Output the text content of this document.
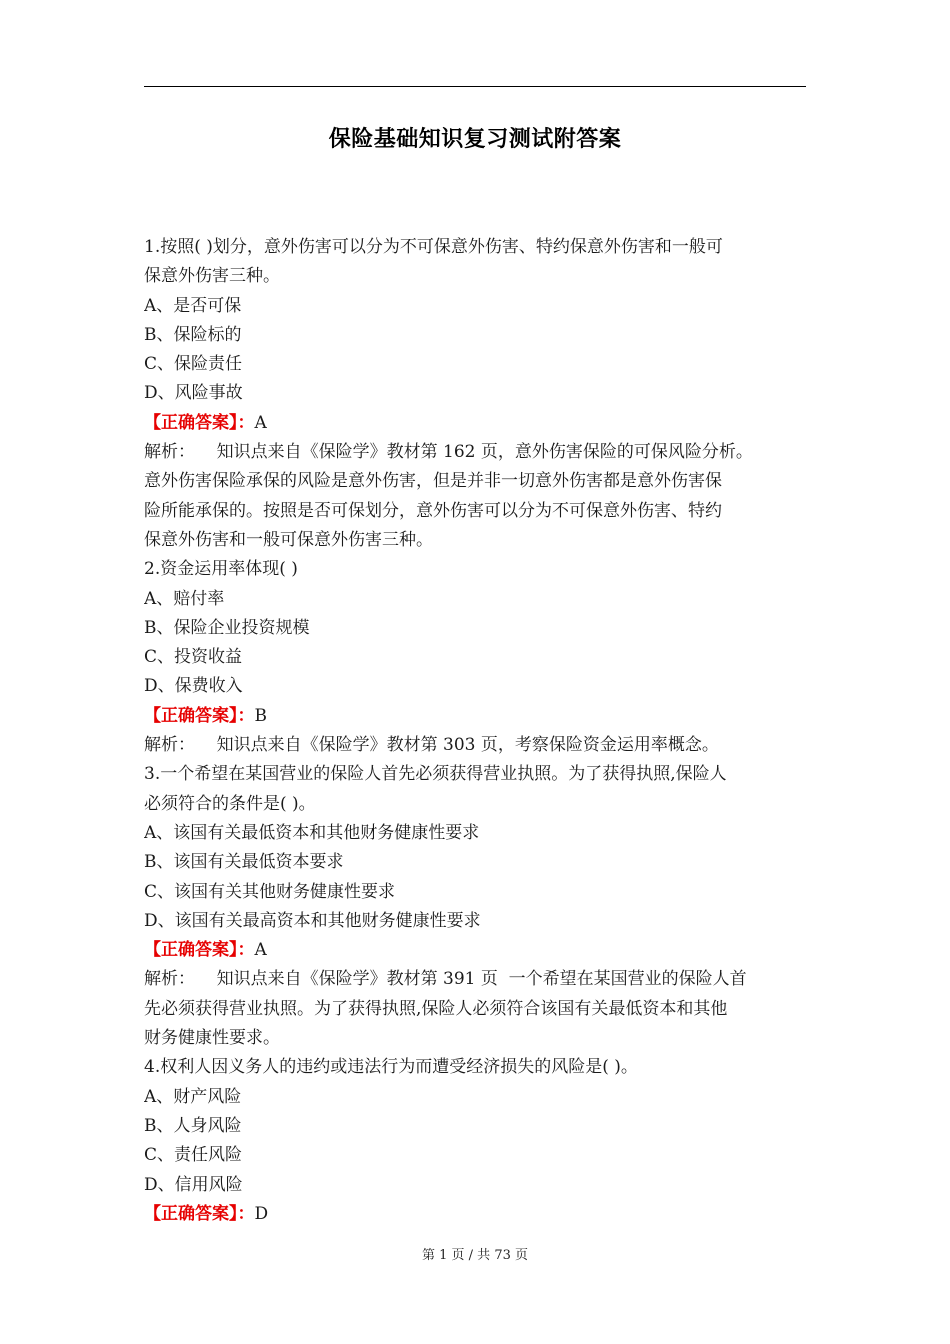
保险基础知识复习测试附答案
1.按照( )划分，意外伤害可以分为不可保意外伤害、特约保意外伤害和一般可
保意外伤害三种。
A、是否可保
B、保险标的
C、保险责任
D、风险事故
【正确答案】：A
解析：    知识点来自《保险学》教材第 162 页，意外伤害保险的可保风险分析。
意外伤害保险承保的风险是意外伤害，但是并非一切意外伤害都是意外伤害保
险所能承保的。按照是否可保划分，意外伤害可以分为不可保意外伤害、特约
保意外伤害和一般可保意外伤害三种。
2.资金运用率体现( )
A、赔付率
B、保险企业投资规模
C、投资收益
D、保费收入
【正确答案】：B
解析：    知识点来自《保险学》教材第 303 页，考察保险资金运用率概念。
3.一个希望在某国营业的保险人首先必须获得营业执照。为了获得执照,保险人
必须符合的条件是( )。
A、该国有关最低资本和其他财务健康性要求
B、该国有关最低资本要求
C、该国有关其他财务健康性要求
D、该国有关最高资本和其他财务健康性要求
【正确答案】：A
解析：    知识点来自《保险学》教材第 391 页  一个希望在某国营业的保险人首
先必须获得营业执照。为了获得执照,保险人必须符合该国有关最低资本和其他
财务健康性要求。
4.权利人因义务人的违约或违法行为而遭受经济损失的风险是( )。
A、财产风险
B、人身风险
C、责任风险
D、信用风险
【正确答案】：D
第 1 页 / 共 73 页
